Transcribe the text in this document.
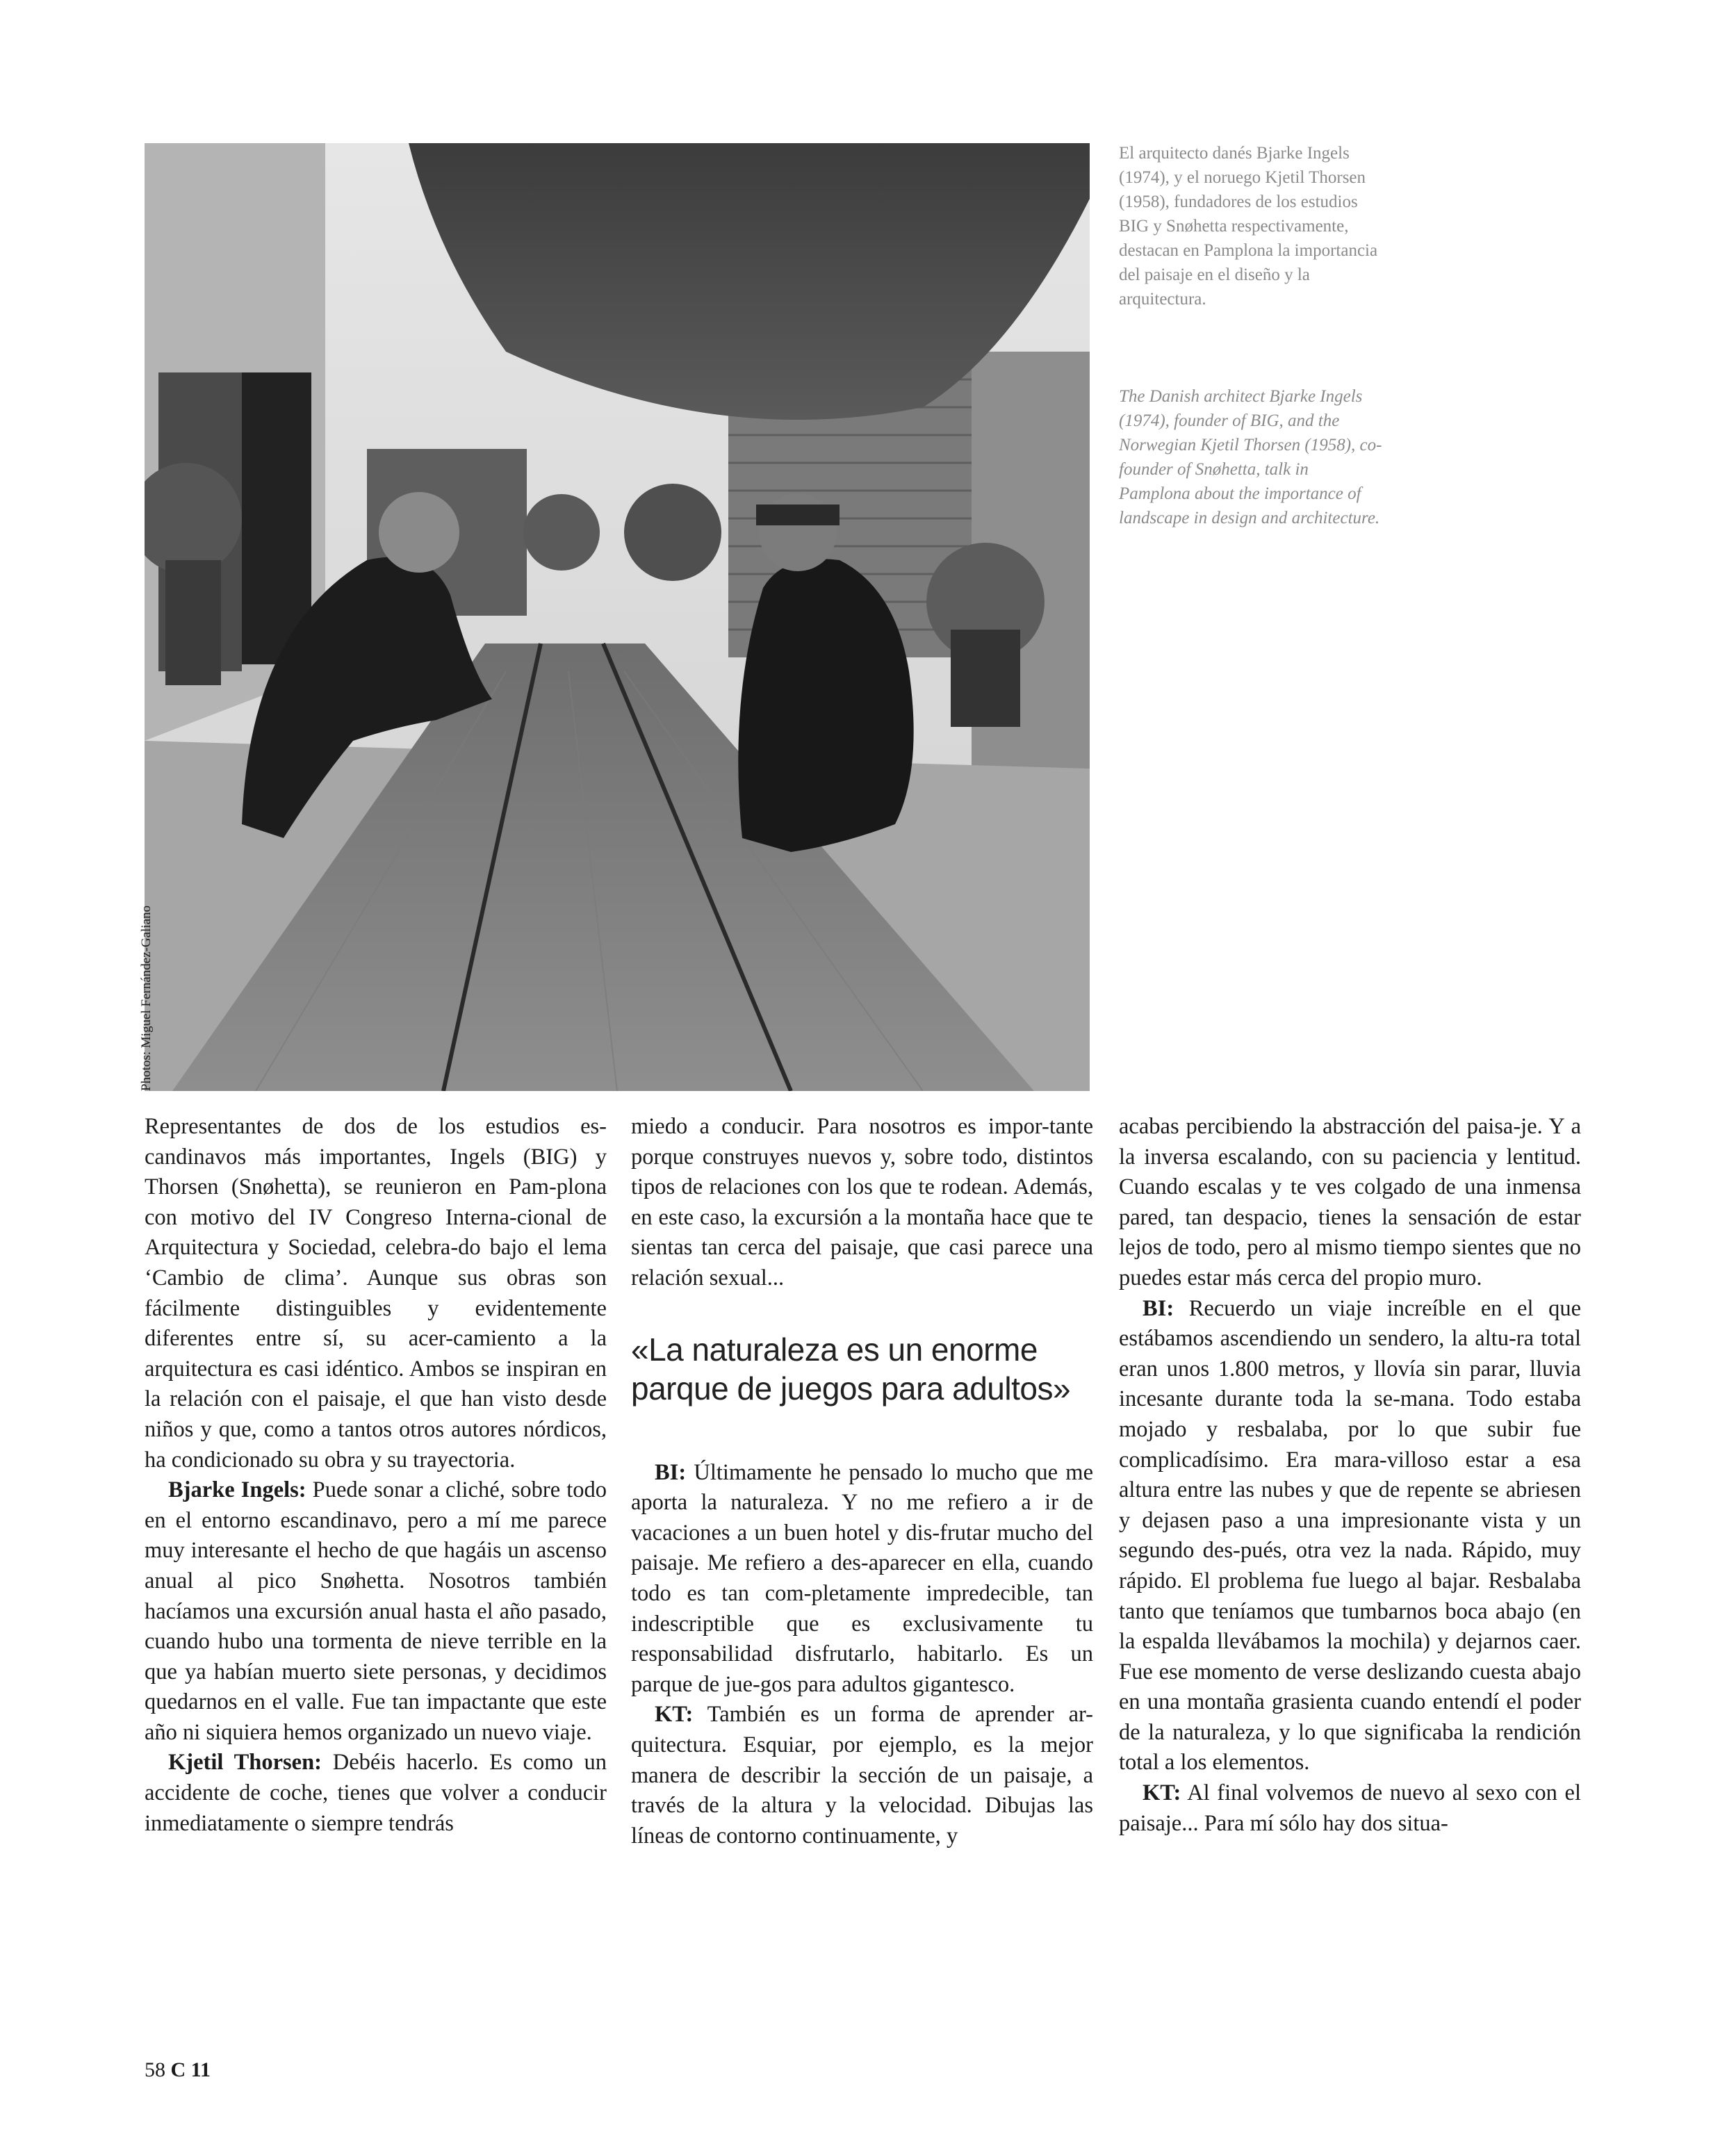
Photos: Miguel Fernández-Galiano

El arquitecto danés Bjarke Ingels (1974), y el noruego Kjetil Thorsen (1958), fundadores de los estudios BIG y Snøhetta respectivamente, destacan en Pamplona la importancia del paisaje en el diseño y la arquitectura.

The Danish architect Bjarke Ingels (1974), founder of BIG, and the Norwegian Kjetil Thorsen (1958), co-founder of Snøhetta, talk in Pamplona about the importance of landscape in design and architecture.

Representantes de dos de los estudios es-candinavos más importantes, Ingels (BIG) y Thorsen (Snøhetta), se reunieron en Pam-plona con motivo del IV Congreso Interna-cional de Arquitectura y Sociedad, celebra-do bajo el lema ‘Cambio de clima’. Aunque sus obras son fácilmente distinguibles y evidentemente diferentes entre sí, su acer-camiento a la arquitectura es casi idéntico. Ambos se inspiran en la relación con el paisaje, el que han visto desde niños y que, como a tantos otros autores nórdicos, ha condicionado su obra y su trayectoria.

Bjarke Ingels: Puede sonar a cliché, sobre todo en el entorno escandinavo, pero a mí me parece muy interesante el hecho de que hagáis un ascenso anual al pico Snøhetta. Nosotros también hacíamos una excursión anual hasta el año pasado, cuando hubo una tormenta de nieve terrible en la que ya habían muerto siete personas, y decidimos quedarnos en el valle. Fue tan impactante que este año ni siquiera hemos organizado un nuevo viaje.

Kjetil Thorsen: Debéis hacerlo. Es como un accidente de coche, tienes que volver a conducir inmediatamente o siempre tendrás

miedo a conducir. Para nosotros es impor-tante porque construyes nuevos y, sobre todo, distintos tipos de relaciones con los que te rodean. Además, en este caso, la excursión a la montaña hace que te sientas tan cerca del paisaje, que casi parece una relación sexual...

«La naturaleza es un enorme parque de juegos para adultos»

BI: Últimamente he pensado lo mucho que me aporta la naturaleza. Y no me refiero a ir de vacaciones a un buen hotel y dis-frutar mucho del paisaje. Me refiero a des-aparecer en ella, cuando todo es tan com-pletamente impredecible, tan indescriptible que es exclusivamente tu responsabilidad disfrutarlo, habitarlo. Es un parque de jue-gos para adultos gigantesco.

KT: También es un forma de aprender ar-quitectura. Esquiar, por ejemplo, es la mejor manera de describir la sección de un paisaje, a través de la altura y la velocidad. Dibujas las líneas de contorno continuamente, y

acabas percibiendo la abstracción del paisa-je. Y a la inversa escalando, con su paciencia y lentitud. Cuando escalas y te ves colgado de una inmensa pared, tan despacio, tienes la sensación de estar lejos de todo, pero al mismo tiempo sientes que no puedes estar más cerca del propio muro.

BI: Recuerdo un viaje increíble en el que estábamos ascendiendo un sendero, la altu-ra total eran unos 1.800 metros, y llovía sin parar, lluvia incesante durante toda la se-mana. Todo estaba mojado y resbalaba, por lo que subir fue complicadísimo. Era mara-villoso estar a esa altura entre las nubes y que de repente se abriesen y dejasen paso a una impresionante vista y un segundo des-pués, otra vez la nada. Rápido, muy rápido. El problema fue luego al bajar. Resbalaba tanto que teníamos que tumbarnos boca abajo (en la espalda llevábamos la mochila) y dejarnos caer. Fue ese momento de verse deslizando cuesta abajo en una montaña grasienta cuando entendí el poder de la naturaleza, y lo que significaba la rendición total a los elementos.

KT: Al final volvemos de nuevo al sexo con el paisaje... Para mí sólo hay dos situa-

58 C 11
